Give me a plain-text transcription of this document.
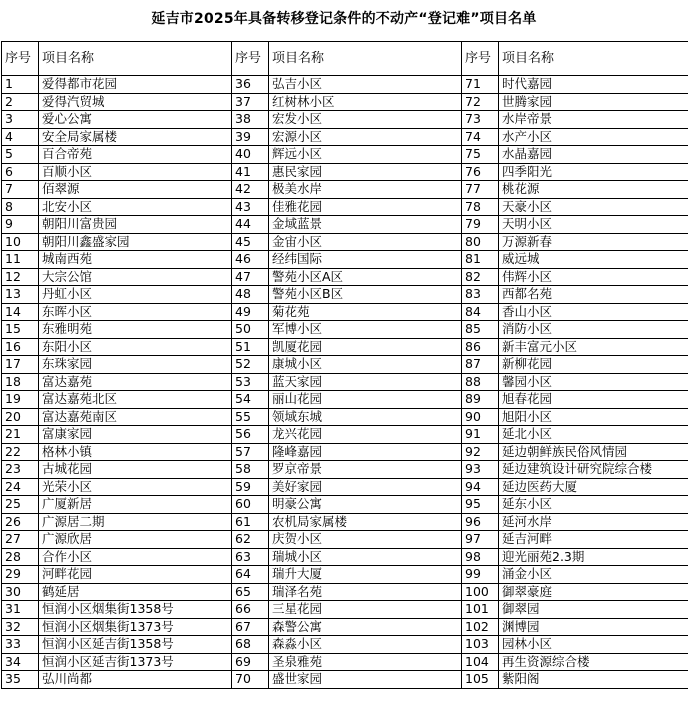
延吉市2025年具备转移登记条件的不动产“登记难”项目名单
序号	项目名称	序号	项目名称	序号	项目名称
1	爱得都市花园	36	弘吉小区	71	时代嘉园
2	爱得汽贸城	37	红树林小区	72	世腾家园
3	爱心公寓	38	宏发小区	73	水岸帝景
4	安全局家属楼	39	宏源小区	74	水产小区
5	百合帝苑	40	辉远小区	75	水晶嘉园
6	百顺小区	41	惠民家园	76	四季阳光
7	佰翠源	42	极美水岸	77	桃花源
8	北安小区	43	佳雅花园	78	天豪小区
9	朝阳川富贵园	44	金域蓝景	79	天明小区
10	朝阳川鑫盛家园	45	金宙小区	80	万源新春
11	城南西苑	46	经纬国际	81	威远城
12	大宗公馆	47	警苑小区A区	82	伟辉小区
13	丹虹小区	48	警苑小区B区	83	西都名苑
14	东晖小区	49	菊花苑	84	香山小区
15	东雅明苑	50	军博小区	85	消防小区
16	东阳小区	51	凯厦花园	86	新丰富元小区
17	东珠家园	52	康城小区	87	新柳花园
18	富达嘉苑	53	蓝天家园	88	馨园小区
19	富达嘉苑北区	54	丽山花园	89	旭春花园
20	富达嘉苑南区	55	领域东城	90	旭阳小区
21	富康家园	56	龙兴花园	91	延北小区
22	格林小镇	57	隆峰嘉园	92	延边朝鲜族民俗风情园
23	古城花园	58	罗京帝景	93	延边建筑设计研究院综合楼
24	光荣小区	59	美好家园	94	延边医药大厦
25	广厦新居	60	明豪公寓	95	延东小区
26	广源居二期	61	农机局家属楼	96	延河水岸
27	广源欣居	62	庆贺小区	97	延吉河畔
28	合作小区	63	瑞城小区	98	迎光丽苑2.3期
29	河畔花园	64	瑞升大厦	99	涌金小区
30	鹤延居	65	瑞泽名苑	100	御翠豪庭
31	恒润小区烟集街1358号	66	三星花园	101	御翠园
32	恒润小区烟集街1373号	67	森警公寓	102	渊博园
33	恒润小区延吉街1358号	68	森淼小区	103	园林小区
34	恒润小区延吉街1373号	69	圣泉雅苑	104	再生资源综合楼
35	弘川尚都	70	盛世家园	105	紫阳阁
